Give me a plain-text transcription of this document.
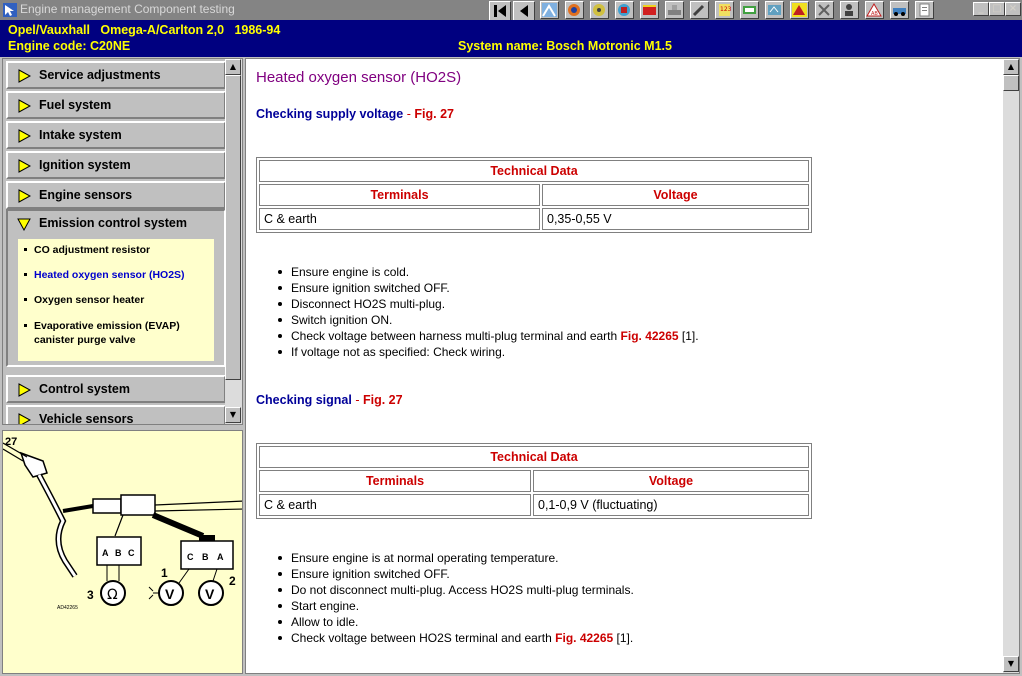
Engine management Component testing	123
AB	_ □ ×
Opel/Vauxhall   Omega-A/Carlton 2,0   1986-94
Engine code: C20NE	System name: Bosch Motronic M1.5
Service adjustments
Fuel system
Intake system
Ignition system
Engine sensors
Emission control system
CO adjustment resistor
Heated oxygen sensor (HO2S)
Oxygen sensor heater
Evaporative emission (EVAP) canister purge valve
Control system
Vehicle sensors
▲
▼
27
A B C	C B A
Ω
3	V V
1
2
AD42265
Heated oxygen sensor (HO2S)
Checking supply voltage - Fig. 27
Technical Data	
Terminals	Voltage
C & earth	0,35-0,55 V
Ensure engine is cold.
Ensure ignition switched OFF.
Disconnect HO2S multi-plug.
Switch ignition ON.
Check voltage between harness multi-plug terminal and earth Fig. 42265 [1].
If voltage not as specified: Check wiring.
Checking signal - Fig. 27
Technical Data	
Terminals	Voltage
C & earth	0,1-0,9 V (fluctuating)
Ensure engine is at normal operating temperature.
Ensure ignition switched OFF.
Do not disconnect multi-plug. Access HO2S multi-plug terminals.
Start engine.
Allow to idle.
Check voltage between HO2S terminal and earth Fig. 42265 [1].
▲
▼
